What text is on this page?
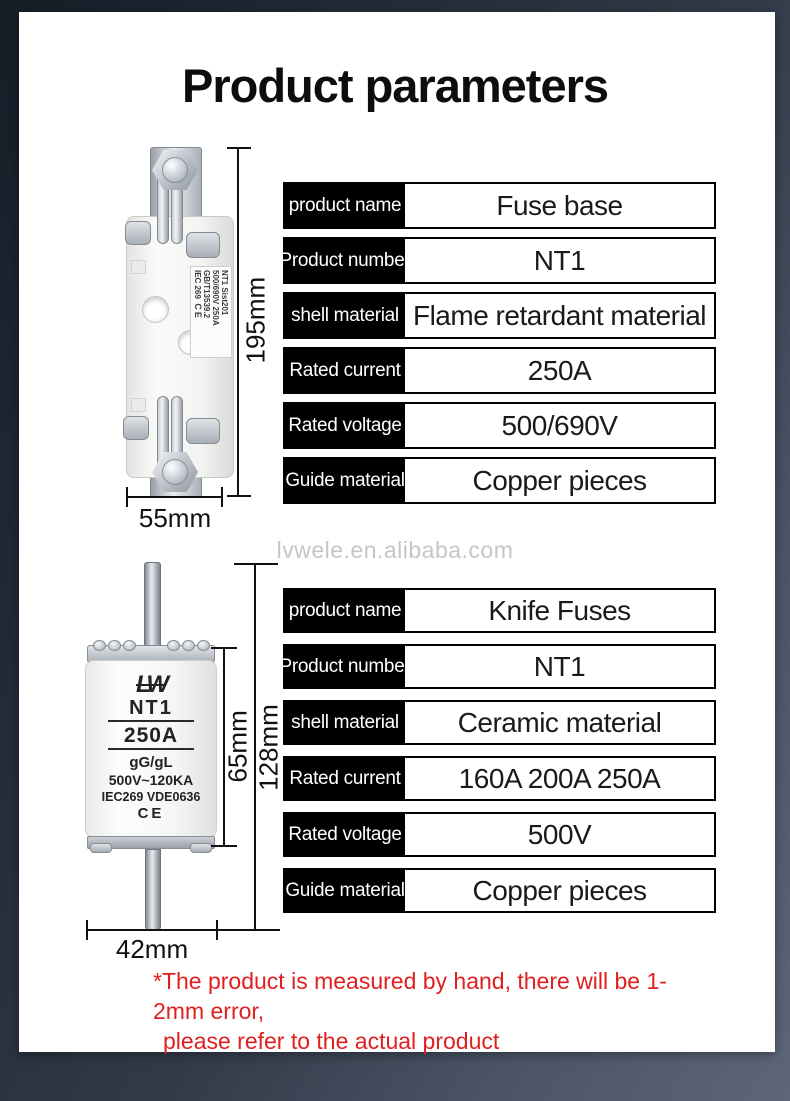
Product parameters
NT1 Sist201
500/690V 250A
GB/T13539.2
IEC 269  CE 195mm
55mm
product name	Fuse base
Product number	NT1
shell material Flame retardant material
Rated current	250A
Rated voltage	500/690V
Guide material	Copper pieces
lvwele.en.alibaba.com
LW
NT1
250A
gG/gL
500V~120KA
IEC269 VDE0636
CE
65mm 128mm
42mm
product name	Knife Fuses
Product number	NT1
shell material	Ceramic material
Rated current	160A 200A 250A
Rated voltage	500V
Guide material	Copper pieces
*The product is measured by hand, there will be 1-2mm error,
please refer to the actual product
